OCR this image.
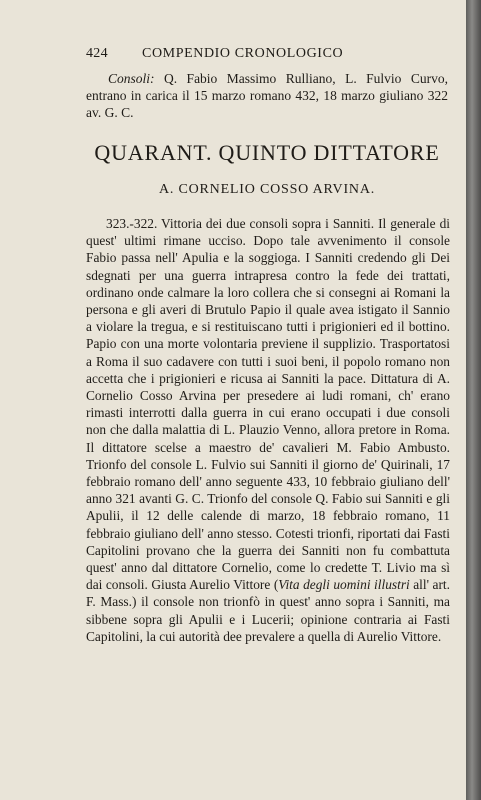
424 COMPENDIO CRONOLOGICO

Consoli: Q. Fabio Massimo Rulliano, L. Fulvio Curvo, entrano in carica il 15 marzo romano 432, 18 marzo giuliano 322 av. G. C.

QUARANT. QUINTO DITTATORE
A. CORNELIO COSSO ARVINA.

323.-322. Vittoria dei due consoli sopra i Sanniti. Il generale di quest' ultimi rimane ucciso. Dopo tale avvenimento il console Fabio passa nell' Apulia e la soggioga. I Sanniti credendo gli Dei sdegnati per una guerra intrapresa contro la fede dei trattati, ordinano onde calmare la loro collera che si consegni ai Romani la persona e gli averi di Brutulo Papio il quale avea istigato il Sannio a violare la tregua, e si restituiscano tutti i prigionieri ed il bottino. Papio con una morte volontaria previene il supplizio. Trasportatosi a Roma il suo cadavere con tutti i suoi beni, il popolo romano non accetta che i prigionieri e ricusa ai Sanniti la pace. Dittatura di A. Cornelio Cosso Arvina per presedere ai ludi romani, ch' erano rimasti interrotti dalla guerra in cui erano occupati i due consoli non che dalla malattia di L. Plauzio Venno, allora pretore in Roma. Il dittatore scelse a maestro de' cavalieri M. Fabio Ambusto. Trionfo del console L. Fulvio sui Sanniti il giorno de' Quirinali, 17 febbraio romano dell' anno seguente 433, 10 febbraio giuliano dell' anno 321 avanti G. C. Trionfo del console Q. Fabio sui Sanniti e gli Apulii, il 12 delle calende di marzo, 18 febbraio romano, 11 febbraio giuliano dell' anno stesso. Cotesti trionfi, riportati dai Fasti Capitolini provano che la guerra dei Sanniti non fu combattuta quest' anno dal dittatore Cornelio, come lo credette T. Livio ma sì dai consoli. Giusta Aurelio Vittore (Vita degli uomini illustri all' art. F. Mass.) il console non trionfò in quest' anno sopra i Sanniti, ma sibbene sopra gli Apulii e i Lucerii; opinione contraria ai Fasti Capitolini, la cui autorità dee prevalere a quella di Aurelio Vittore.
